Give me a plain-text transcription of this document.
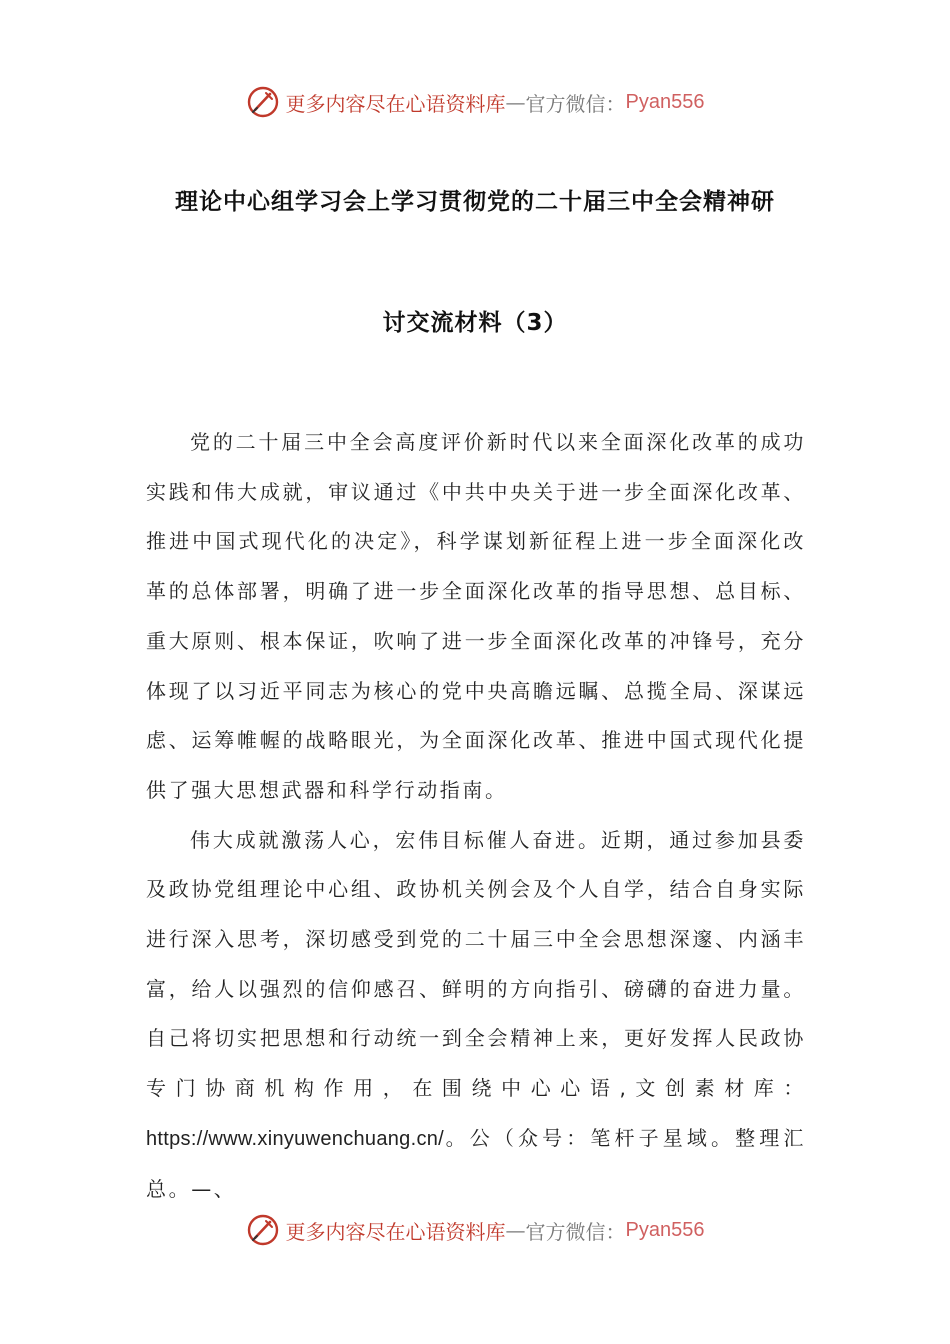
更多内容尽在心语资料库 — 官方微信： Pyan556
理论中心组学习会上学习贯彻党的二十届三中全会精神研
讨交流材料（3）

党的二十届三中全会高度评价新时代以来全面深化改革的成功实践和伟大成就，审议通过《中共中央关于进一步全面深化改革、推进中国式现代化的决定》，科学谋划新征程上进一步全面深化改革的总体部署，明确了进一步全面深化改革的指导思想、总目标、重大原则、根本保证，吹响了进一步全面深化改革的冲锋号，充分体现了以习近平同志为核心的党中央高瞻远瞩、总揽全局、深谋远虑、运筹帷幄的战略眼光，为全面深化改革、推进中国式现代化提供了强大思想武器和科学行动指南。

伟大成就激荡人心，宏伟目标催人奋进。近期，通过参加县委及政协党组理论中心组、政协机关例会及个人自学，结合自身实际进行深入思考，深切感受到党的二十届三中全会思想深邃、内涵丰富，给人以强烈的信仰感召、鲜明的方向指引、磅礴的奋进力量。自己将切实把思想和行动统一到全会精神上来，更好发挥人民政协专门协商机构作用，在围绕中心心语,文创素材库：https://www.xinyuwenchuang.cn/。公（众号：笔杆子星域。整理汇总。—、

更多内容尽在心语资料库 — 官方微信： Pyan556
